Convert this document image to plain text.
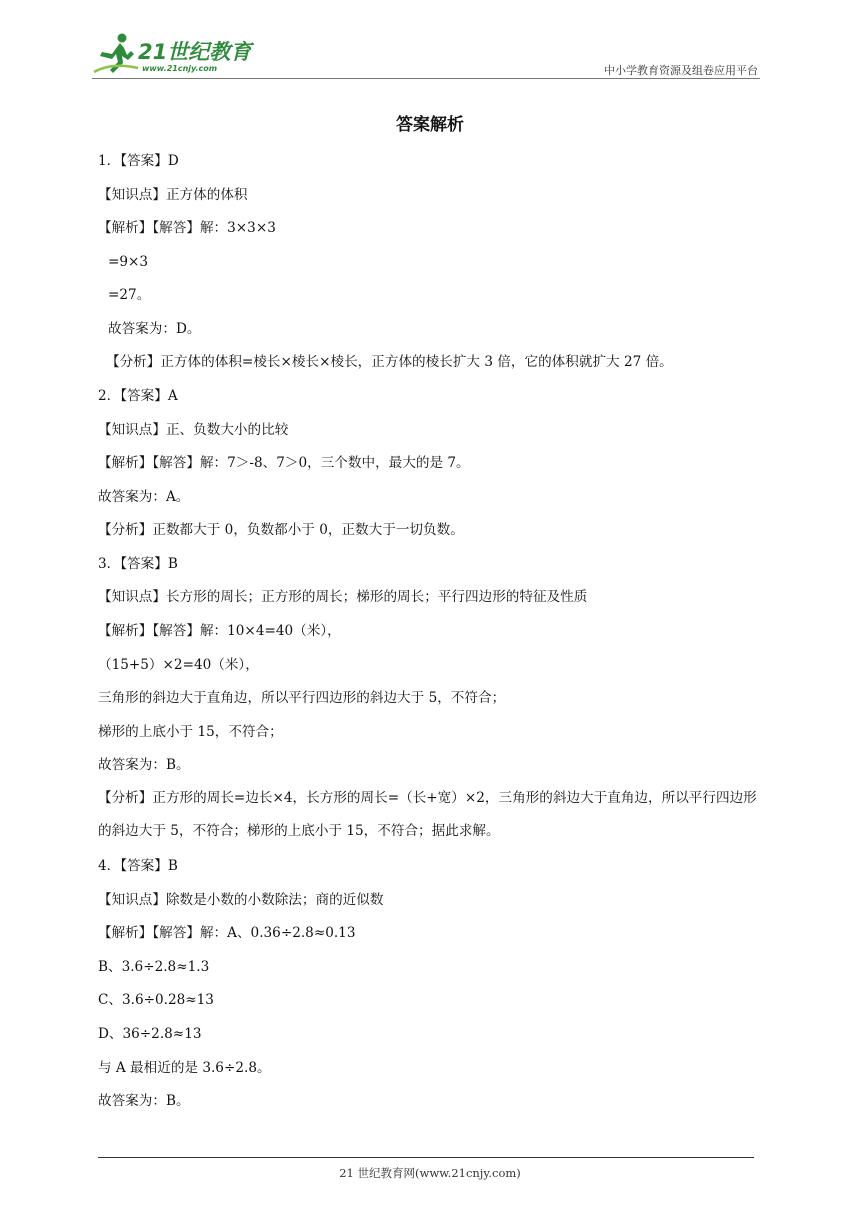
21世纪教育
www.21cnjy.com	中小学教育资源及组卷应用平台
答案解析
1．【答案】D
【知识点】正方体的体积
【解析】【解答】解：3×3×3
=9×3
=27。
故答案为：D。
【分析】正方体的体积=棱长×棱长×棱长，正方体的棱长扩大 3 倍，它的体积就扩大 27 倍。
2．【答案】A
【知识点】正、负数大小的比较
【解析】【解答】解：7＞-8、7＞0，三个数中，最大的是 7。
故答案为：A。
【分析】正数都大于 0，负数都小于 0，正数大于一切负数。
3．【答案】B
【知识点】长方形的周长；正方形的周长；梯形的周长；平行四边形的特征及性质
【解析】【解答】解：10×4=40（米），
（15+5）×2=40（米），
三角形的斜边大于直角边，所以平行四边形的斜边大于 5，不符合；
梯形的上底小于 15，不符合；
故答案为：B。
【分析】正方形的周长=边长×4，长方形的周长=（长+宽）×2，三角形的斜边大于直角边，所以平行四边形的斜边大于 5，不符合；梯形的上底小于 15，不符合；据此求解。
4．【答案】B
【知识点】除数是小数的小数除法；商的近似数
【解析】【解答】解：A、0.36÷2.8≈0.13
B、3.6÷2.8≈1.3
C、3.6÷0.28≈13
D、36÷2.8≈13
与 A 最相近的是 3.6÷2.8。
故答案为：B。
21 世纪教育网(www.21cnjy.com)
